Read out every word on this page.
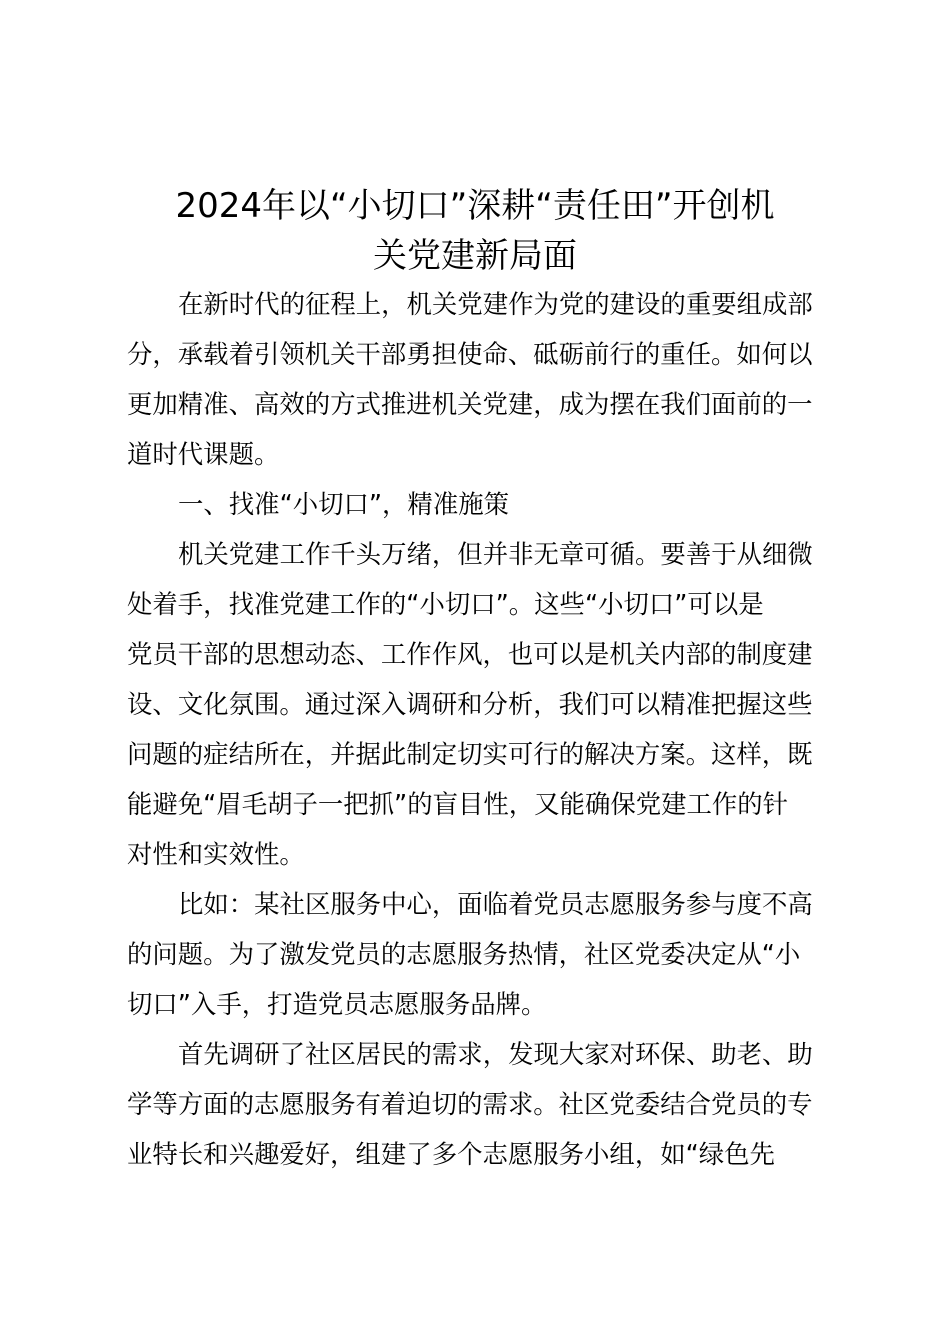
2024年以“小切口”深耕“责任田”开创机
关党建新局面

在新时代的征程上，机关党建作为党的建设的重要组成部

分，承载着引领机关干部勇担使命、砥砺前行的重任。如何以

更加精准、高效的方式推进机关党建，成为摆在我们面前的一

道时代课题。

一、找准“小切口”，精准施策

机关党建工作千头万绪，但并非无章可循。要善于从细微

处着手，找准党建工作的“小切口”。这些“小切口”可以是

党员干部的思想动态、工作作风，也可以是机关内部的制度建

设、文化氛围。通过深入调研和分析，我们可以精准把握这些

问题的症结所在，并据此制定切实可行的解决方案。这样，既

能避免“眉毛胡子一把抓”的盲目性，又能确保党建工作的针

对性和实效性。

比如：某社区服务中心，面临着党员志愿服务参与度不高

的问题。为了激发党员的志愿服务热情，社区党委决定从“小

切口”入手，打造党员志愿服务品牌。

首先调研了社区居民的需求，发现大家对环保、助老、助

学等方面的志愿服务有着迫切的需求。社区党委结合党员的专

业特长和兴趣爱好，组建了多个志愿服务小组，如“绿色先
